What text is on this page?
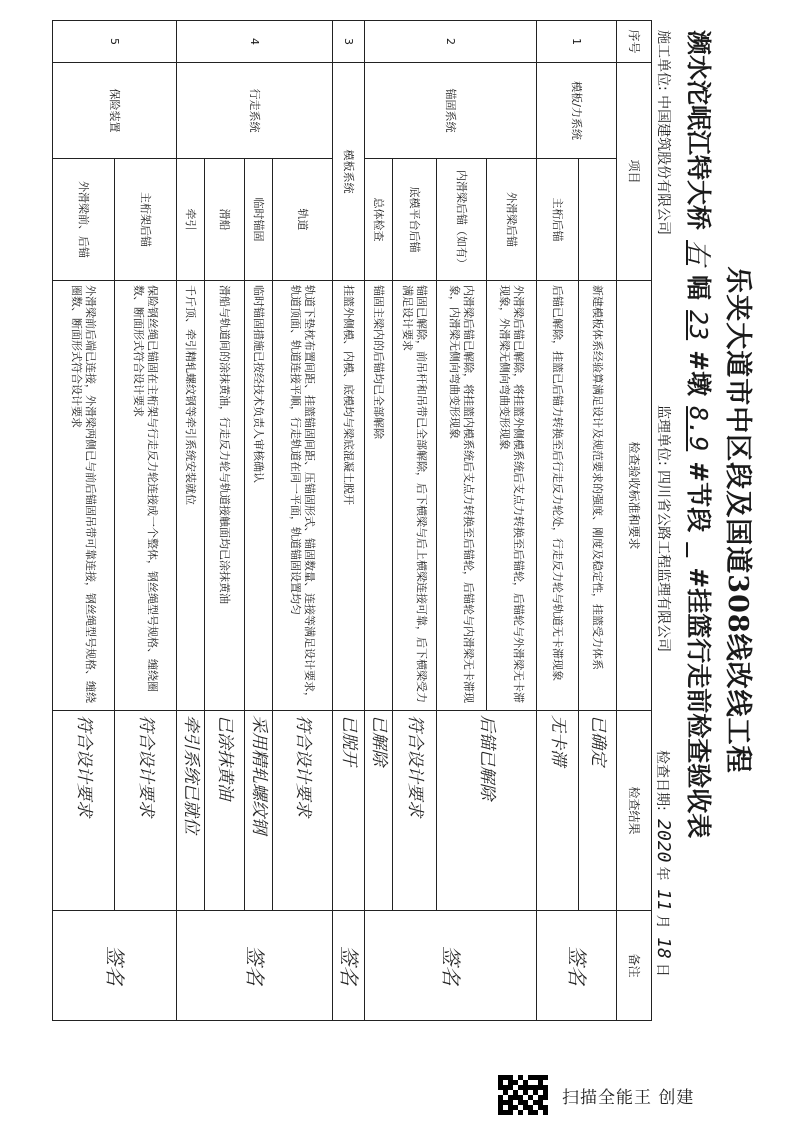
乐夹大道市中区段及国道308线改线工程
濒水沱岷江特大桥右幅23#墩8.9#节段 #挂篮行走前检查验收表
施工单位: 中国建筑股份有限公司
监理单位: 四川省公路工程监理有限公司
检查日期: 2020年 11月 18日
序号	项目		检查验收标准和要求	检查结果	备注
1	模板/力系统		新建模板体系经验算满足设计及规范要求的强度、刚度及稳定性，挂篮受力体系	已确定	签名
		主桁后锚	后锚已解除，挂篮已后锚力转换至后行走反力轮处，行走反力轮与轨道无卡滞现象	无卡滞	
2	锚固系统	外滑梁后锚	外滑梁后锚已解除，将挂篮外侧模系统后支点力转换至后锚轮，后锚轮与外滑梁无卡滞现象，外滑梁无侧向弯曲变形现象	后锚已解除	签名
		内滑梁后锚（如有）	内滑梁后锚已解除，将挂篮内模系统后支点力转换至后锚轮，后锚轮与内滑梁无卡滞现象，内滑梁无侧向弯曲变形现象		
		底模平台后锚	锚固已解除，前吊杆和吊带已全部解除，后下横梁与后上横梁连接可靠，后下横梁受力满足设计要求	符合设计要求	
		总体检查	锚固主梁内的后锚均已全部解除	已解除	
3	模板系统		挂篮外侧模、内模、底模均与梁底混凝土脱开	已脱开	签名
4	行走系统	轨道	轨道下垫枕布置间距、挂篮锚固间距、压锚固形式、锚固数量、连接等满足设计要求，轨道顶面、轨道连接平顺，行走轨道在同一平面，轨道锚固设置均匀	符合设计要求	签名
		临时锚固	临时锚固措施已按经技术负责人审核确认	采用精轧螺纹钢	
		滑船	滑船与轨道间的涂抹黄油，行走反力轮与轨道接触面均已涂抹黄油	已涂抹黄油	
		牵引	千斤顶、牵引精轧螺纹钢等牵引系统安装就位	牵引系统已就位	
5	保险装置	主桁架后锚	保险钢丝绳已锚固在主桁架与行走反力轮连接成一个整体，钢丝绳型号规格、缠绕圈数、断面形式符合设计要求	符合设计要求	签名
		外滑梁前、后锚	外滑梁前后端已连接，外滑梁两侧已与前后锚固吊带可靠连接，钢丝绳型号规格、缠绕圈数、断面形式符合设计要求	符合设计要求	
扫描全能王 创建
